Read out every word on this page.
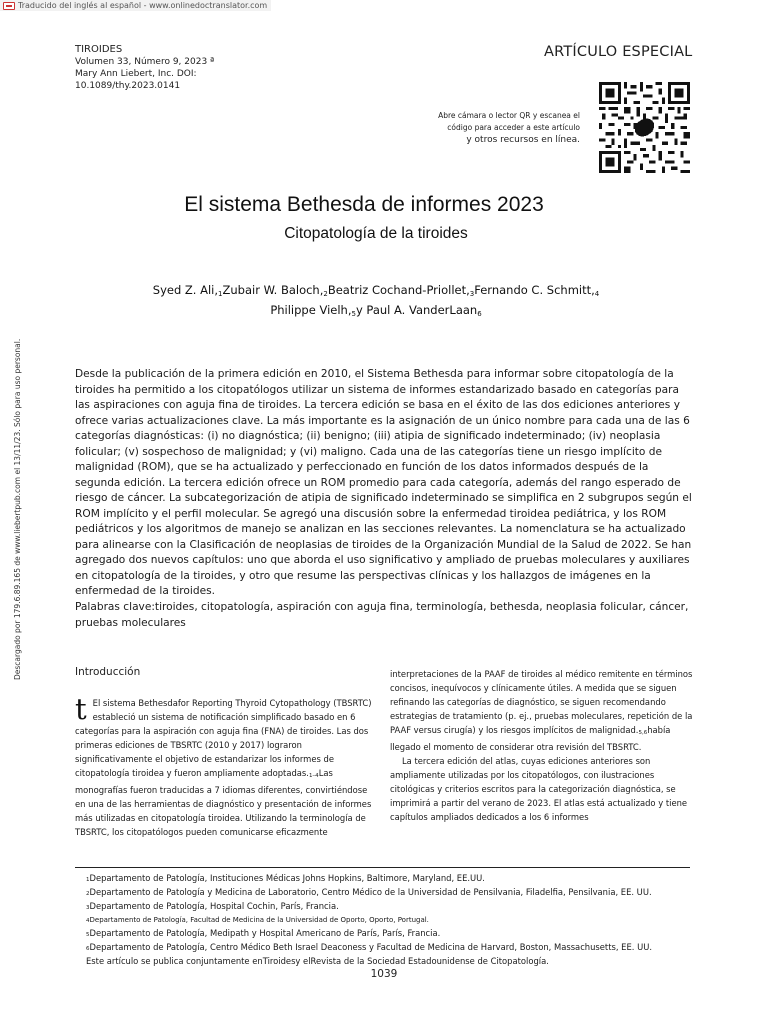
Traducido del inglés al español - www.onlinedoctranslator.com
TIROIDES
Volumen 33, Número 9, 2023 ª
Mary Ann Liebert, Inc. DOI:
10.1089/thy.2023.0141
ARTÍCULO ESPECIAL
Abre cámara o lector QR y escanea el
código para acceder a este artículo
y otros recursos en línea.
El sistema Bethesda de informes 2023
Citopatología de la tiroides
Syed Z. $Ali,_1Zubair$ W. $Baloch,_2Beatriz$ Cochand-$Priollet,_3Fernando$ C. $Schmitt,_4$
Philippe $Vielh,_5y$ Paul A. VanderLaan$_6$
Descargado por 179.6.89.165 de www.liebertpub.com el 13/11/23. Sólo para uso personal.	Desde la publicación de la primera edición en 2010, el Sistema Bethesda para informar sobre citopatología de la tiroides ha permitido a los citopatólogos utilizar un sistema de informes estandarizado basado en categorías para las aspiraciones con aguja fina de tiroides. La tercera edición se basa en el éxito de las dos ediciones anteriores y ofrece varias actualizaciones clave. La más importante es la asignación de un único nombre para cada una de las 6 categorías diagnósticas: (i) no diagnóstica; (ii) benigno; (iii) atipia de significado indeterminado; (iv) neoplasia folicular; (v) sospechoso de malignidad; y (vi) maligno. Cada una de las categorías tiene un riesgo implícito de malignidad (ROM), que se ha actualizado y perfeccionado en función de los datos informados después de la segunda edición. La tercera edición ofrece un ROM promedio para cada categoría, además del rango esperado de riesgo de cáncer. La subcategorización de atipia de significado indeterminado se simplifica en 2 subgrupos según el ROM implícito y el perfil molecular. Se agregó una discusión sobre la enfermedad tiroidea pediátrica, y los ROM pediátricos y los algoritmos de manejo se analizan en las secciones relevantes. La nomenclatura se ha actualizado para alinearse con la Clasificación de neoplasias de tiroides de la Organización Mundial de la Salud de 2022. Se han agregado dos nuevos capítulos: uno que aborda el uso significativo y ampliado de pruebas moleculares y auxiliares en citopatología de la tiroides, y otro que resume las perspectivas clínicas y los hallazgos de imágenes en la enfermedad de la tiroides.

Palabras clave:tiroides, citopatología, aspiración con aguja fina, terminología, bethesda, neoplasia folicular, cáncer, pruebas moleculares

Introducción
t El sistema Bethesdafor Reporting Thyroid Cytopathology (TBSRTC) estableció un sistema de notificación simplificado basado en 6 categorías para la aspiración con aguja fina (FNA) de tiroides. Las dos primeras ediciones de TBSRTC (2010 y 2017) lograron significativamente el objetivo de estandarizar los informes de citopatología tiroidea y fueron ampliamente $adoptadas._{1-4}Las$ monografías fueron traducidas a 7 idiomas diferentes, convirtiéndose en una de las herramientas de diagnóstico y presentación de informes más utilizadas en citopatología tiroidea. Utilizando la terminología de TBSRTC, los citopatólogos pueden comunicarse eficazmente

interpretaciones de la PAAF de tiroides al médico remitente en términos concisos, inequívocos y clínicamente útiles. A medida que se siguen refinando las categorías de diagnóstico, se siguen recomendando estrategias de tratamiento (p. ej., pruebas moleculares, repetición de la PAAF versus cirugía) y los riesgos implícitos de $malignidad._{5,6}había$ llegado el momento de considerar otra revisión del TBSRTC.

La tercera edición del atlas, cuyas ediciones anteriores son ampliamente utilizadas por los citopatólogos, con ilustraciones citológicas y criterios escritos para la categorización diagnóstica, se imprimirá a partir del verano de 2023. El atlas está actualizado y tiene capítulos ampliados dedicados a los 6 informes

1Departamento de Patología, Instituciones Médicas Johns Hopkins, Baltimore, Maryland, EE.UU.
2Departamento de Patología y Medicina de Laboratorio, Centro Médico de la Universidad de Pensilvania, Filadelfia, Pensilvania, EE. UU.
3Departamento de Patología, Hospital Cochin, París, Francia.
4Departamento de Patología, Facultad de Medicina de la Universidad de Oporto, Oporto, Portugal.
5Departamento de Patología, Medipath y Hospital Americano de París, París, Francia.
6Departamento de Patología, Centro Médico Beth Israel Deaconess y Facultad de Medicina de Harvard, Boston, Massachusetts, EE. UU.
Este artículo se publica conjuntamente enTiroidesy elRevista de la Sociedad Estadounidense de Citopatología.
1039
